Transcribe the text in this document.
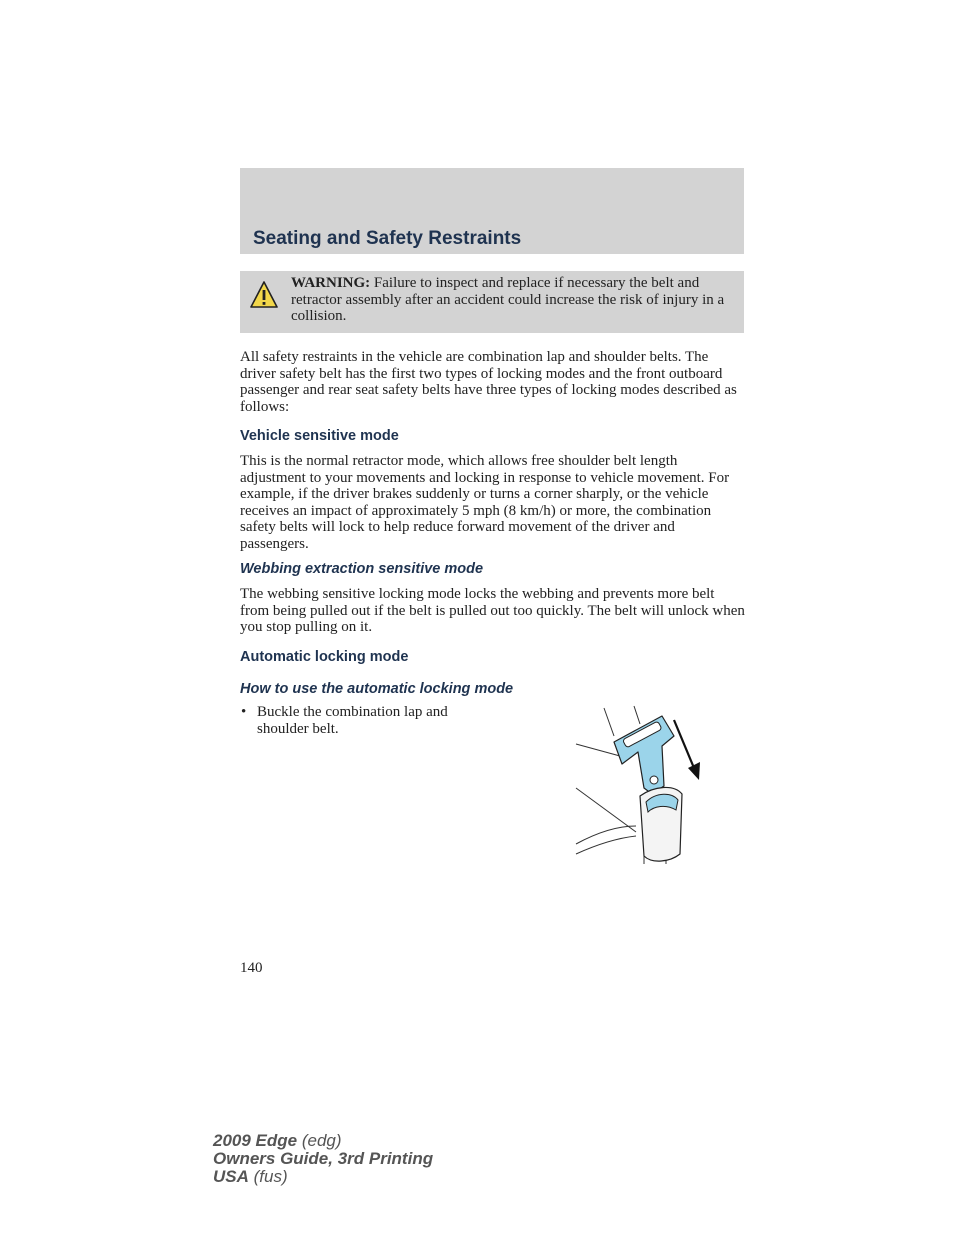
Seating and Safety Restraints
WARNING: Failure to inspect and replace if necessary the belt and retractor assembly after an accident could increase the risk of injury in a collision.

All safety restraints in the vehicle are combination lap and shoulder belts. The driver safety belt has the first two types of locking modes and the front outboard passenger and rear seat safety belts have three types of locking modes described as follows:

Vehicle sensitive mode

This is the normal retractor mode, which allows free shoulder belt length adjustment to your movements and locking in response to vehicle movement. For example, if the driver brakes suddenly or turns a corner sharply, or the vehicle receives an impact of approximately 5 mph (8 km/h) or more, the combination safety belts will lock to help reduce forward movement of the driver and passengers.

Webbing extraction sensitive mode

The webbing sensitive locking mode locks the webbing and prevents more belt from being pulled out if the belt is pulled out too quickly. The belt will unlock when you stop pulling on it.

Automatic locking mode
How to use the automatic locking mode
• Buckle the combination lap and shoulder belt.
140
2009 Edge (edg)
Owners Guide, 3rd Printing
USA (fus)
